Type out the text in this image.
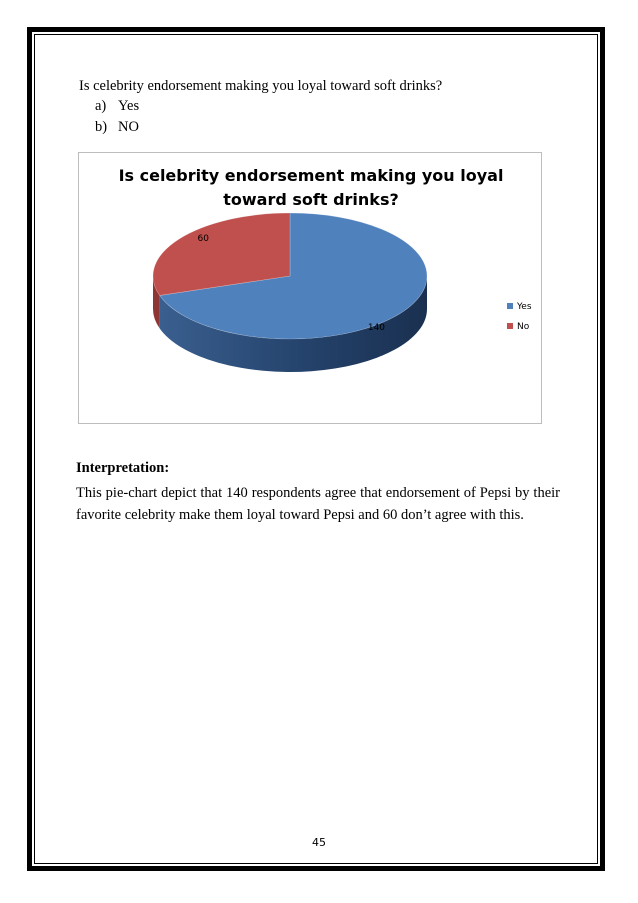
Is celebrity endorsement making you loyal toward soft drinks?
a) Yes
b) NO
Is celebrity endorsement making you loyal
toward soft drinks?
140
60
Yes
No
Interpretation:
This pie-chart depict that 140 respondents agree that endorsement of Pepsi by their favorite celebrity make them loyal toward Pepsi and 60 don’t agree with this.
45
